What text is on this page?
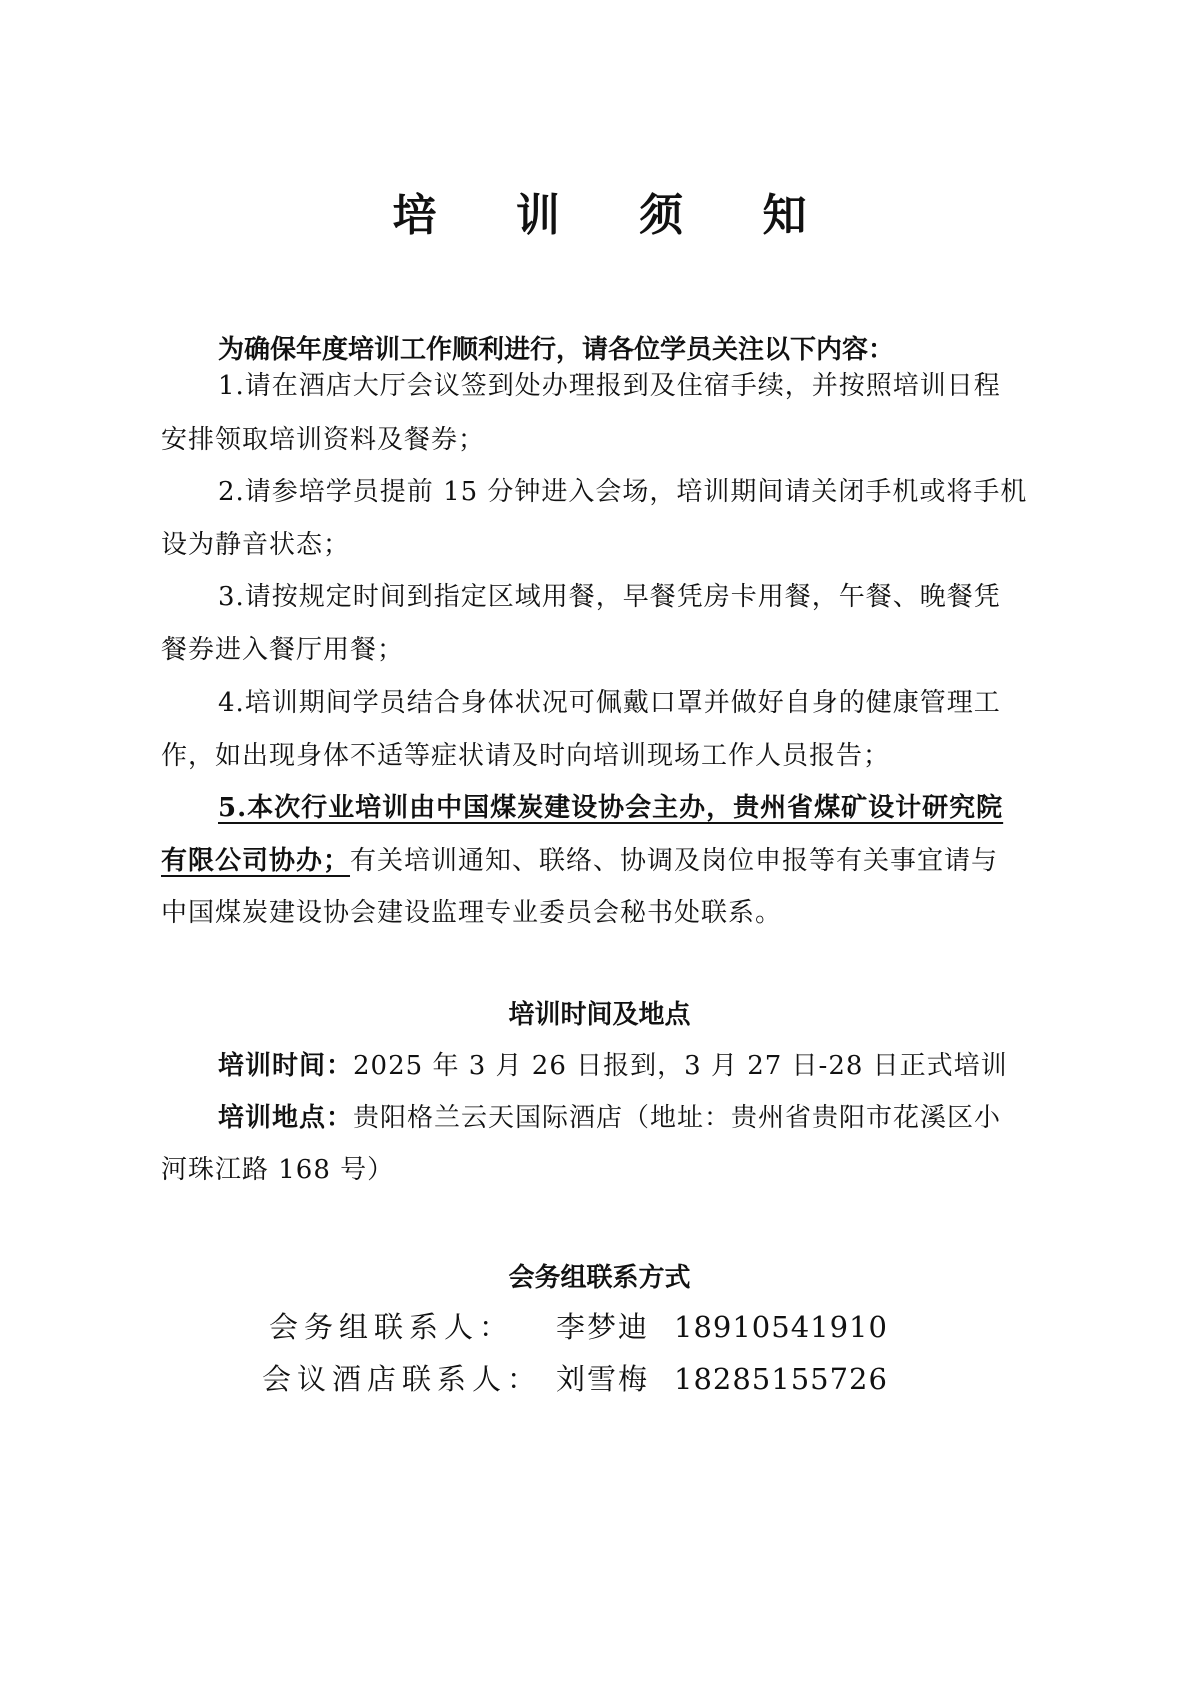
培 训 须 知

为确保年度培训工作顺利进行，请各位学员关注以下内容：

1.请在酒店大厅会议签到处办理报到及住宿手续，并按照培训日程

安排领取培训资料及餐券；

2.请参培学员提前 15 分钟进入会场，培训期间请关闭手机或将手机

设为静音状态；

3.请按规定时间到指定区域用餐，早餐凭房卡用餐，午餐、晚餐凭

餐券进入餐厅用餐；

4.培训期间学员结合身体状况可佩戴口罩并做好自身的健康管理工

作，如出现身体不适等症状请及时向培训现场工作人员报告；

5.本次行业培训由中国煤炭建设协会主办，贵州省煤矿设计研究院

有限公司协办；有关培训通知、联络、协调及岗位申报等有关事宜请与

中国煤炭建设协会建设监理专业委员会秘书处联系。

培训时间及地点

培训时间：2025 年 3 月 26 日报到，3 月 27 日-28 日正式培训

培训地点：贵阳格兰云天国际酒店（地址：贵州省贵阳市花溪区小

河珠江路 168 号）

会务组联系方式
会务组联系人： 李梦迪 18910541910
会议酒店联系人： 刘雪梅 18285155726
